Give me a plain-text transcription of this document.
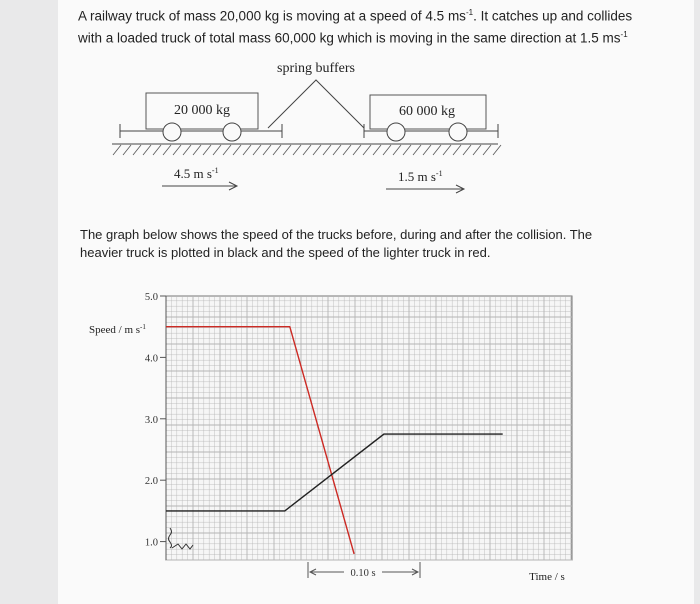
A railway truck of mass 20,000 kg is moving at a speed of 4.5 $ms^{-1}$. It catches up and collides
with a loaded truck of total mass 60,000 kg which is moving in the same direction at 1.5 $ms^{-1}$
spring buffers
20 000 kg	60 000 kg
4.5 m $s^{-1}$	1.5 m $s^{-1}$
The graph below shows the speed of the trucks before, during and after the collision. The heavier truck is plotted in black and the speed of the lighter truck in red.
5.0
4.0
3.0
2.0
1.0
Speed / m $s^{-1}$
0.10 s	Time / s
